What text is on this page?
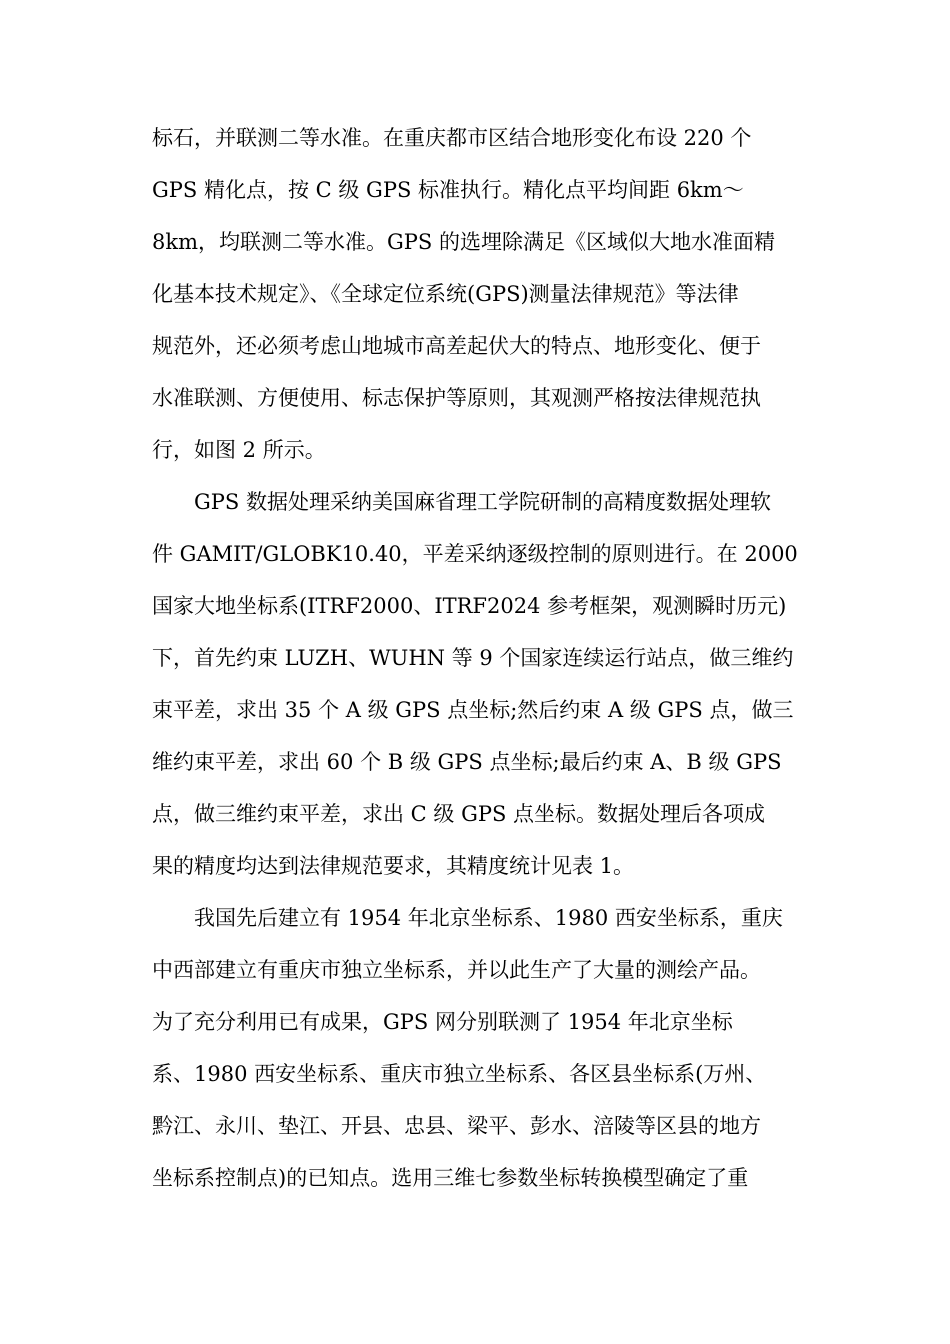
标石，并联测二等水准。在重庆都市区结合地形变化布设 220 个
GPS 精化点，按 C 级 GPS 标准执行。精化点平均间距 6km～
8km，均联测二等水准。GPS 的选埋除满足《区域似大地水准面精
化基本技术规定》、《全球定位系统(GPS)测量法律规范》等法律
规范外，还必须考虑山地城市高差起伏大的特点、地形变化、便于
水准联测、方便使用、标志保护等原则，其观测严格按法律规范执
行，如图 2 所示。
GPS 数据处理采纳美国麻省理工学院研制的高精度数据处理软
件 GAMIT/GLOBK10.40，平差采纳逐级控制的原则进行。在 2000
国家大地坐标系(ITRF2000、ITRF2024 参考框架，观测瞬时历元)
下，首先约束 LUZH、WUHN 等 9 个国家连续运行站点，做三维约
束平差，求出 35 个 A 级 GPS 点坐标;然后约束 A 级 GPS 点，做三
维约束平差，求出 60 个 B 级 GPS 点坐标;最后约束 A、B 级 GPS
点，做三维约束平差，求出 C 级 GPS 点坐标。数据处理后各项成
果的精度均达到法律规范要求，其精度统计见表 1。
我国先后建立有 1954 年北京坐标系、1980 西安坐标系，重庆
中西部建立有重庆市独立坐标系，并以此生产了大量的测绘产品。
为了充分利用已有成果，GPS 网分别联测了 1954 年北京坐标
系、1980 西安坐标系、重庆市独立坐标系、各区县坐标系(万州、
黔江、永川、垫江、开县、忠县、梁平、彭水、涪陵等区县的地方
坐标系控制点)的已知点。选用三维七参数坐标转换模型确定了重
